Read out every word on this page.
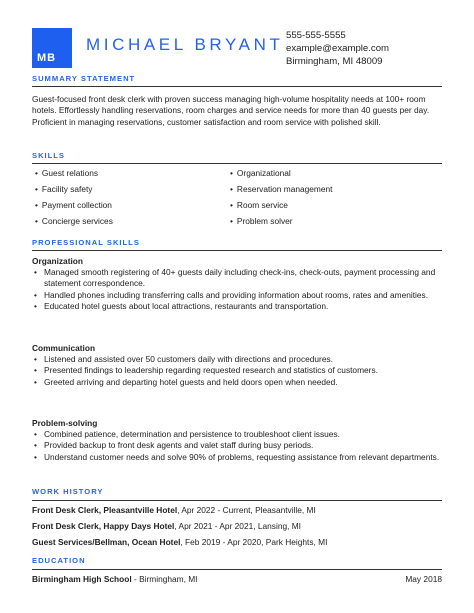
MB
MICHAEL BRYANT 555-555-5555
example@example.com
Birmingham, MI 48009
SUMMARY STATEMENT
Guest-focused front desk clerk with proven success managing high-volume hospitality needs at 100+ room hotels. Effortlessly handling reservations, room charges and service needs for more than 40 guests per day. Proficient in managing reservations, customer satisfaction and room service with polished skill.
SKILLS
• Guest relations
• Facility safety
• Payment collection
• Concierge services
• Organizational
• Reservation management
• Room service
• Problem solver
PROFESSIONAL SKILLS
Organization
• Managed smooth registering of 40+ guests daily including check-ins, check-outs, payment processing and statement correspondence.
• Handled phones including transferring calls and providing information about rooms, rates and amenities.
• Educated hotel guests about local attractions, restaurants and transportation.
Communication
• Listened and assisted over 50 customers daily with directions and procedures.
• Presented findings to leadership regarding requested research and statistics of customers.
• Greeted arriving and departing hotel guests and held doors open when needed.
Problem-solving
• Combined patience, determination and persistence to troubleshoot client issues.
• Provided backup to front desk agents and valet staff during busy periods.
• Understand customer needs and solve 90% of problems, requesting assistance from relevant departments.
WORK HISTORY
Front Desk Clerk, Pleasantville Hotel, Apr 2022 - Current, Pleasantville, MI
Front Desk Clerk, Happy Days Hotel, Apr 2021 - Apr 2021, Lansing, MI
Guest Services/Bellman, Ocean Hotel, Feb 2019 - Apr 2020, Park Heights, MI
EDUCATION
Birmingham High School - Birmingham, MI	May 2018
